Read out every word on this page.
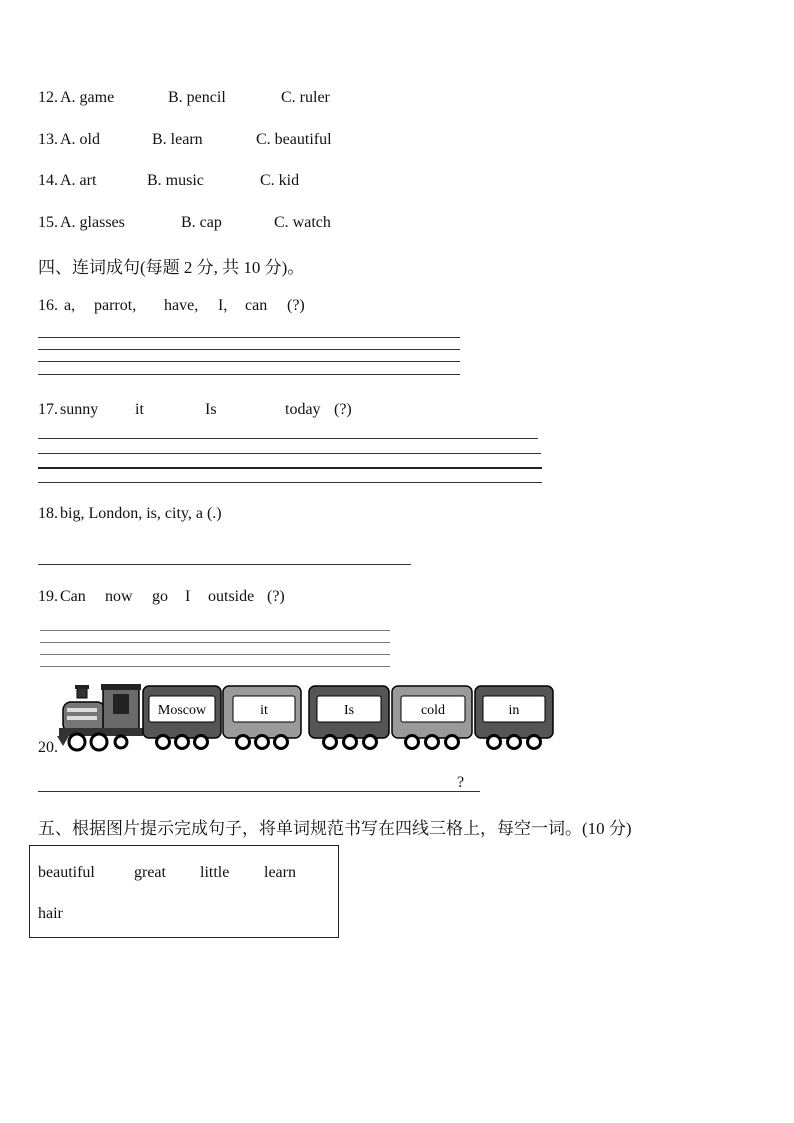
12. A. game	B. pencil	C. ruler
13. A. old	B. learn	C. beautiful
14. A. art	B. music	C. kid
15. A. glasses	B. cap	C. watch
四、连词成句(每题 2 分, 共 10 分)。
16. a, parrot, have, I, can (?)
17. sunny it	Is	today (?)
18. big, London, is, city, a (.)
19. Can now go I outside (?)
20.
Moscow	it	Is	cold	in
?
五、根据图片提示完成句子，将单词规范书写在四线三格上，每空一词。(10 分)
beautiful great little learn
hair
